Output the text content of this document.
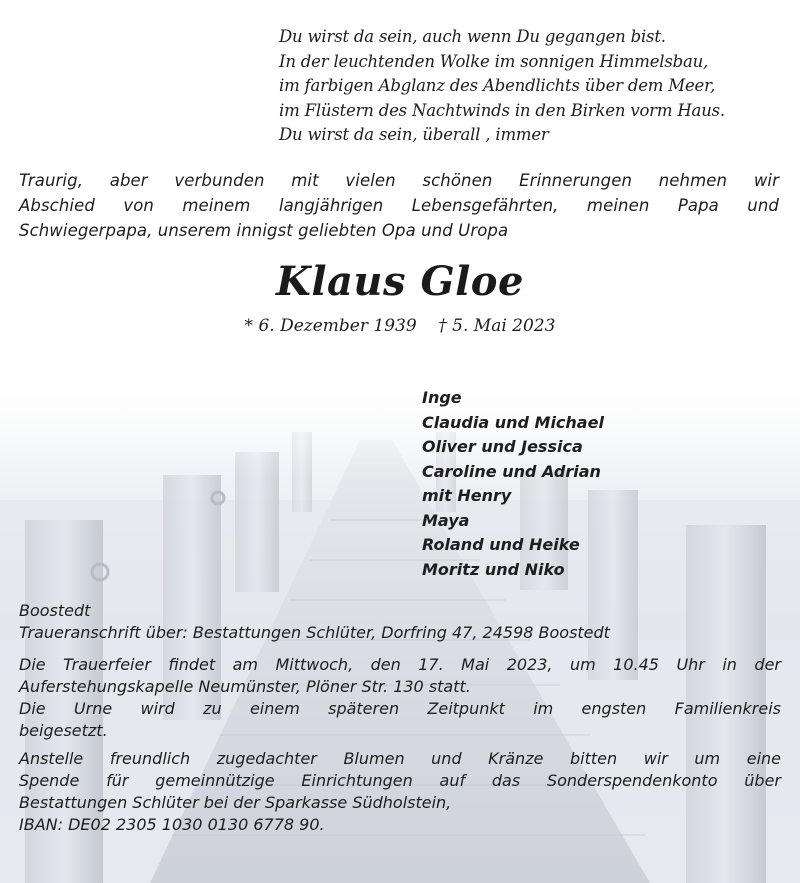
Du wirst da sein, auch wenn Du gegangen bist.
In der leuchtenden Wolke im sonnigen Himmelsbau,
im farbigen Abglanz des Abendlichts über dem Meer,
im Flüstern des Nachtwinds in den Birken vorm Haus.
Du wirst da sein, überall , immer
Traurig, aber verbunden mit vielen schönen Erinnerungen nehmen wir
Abschied von meinem langjährigen Lebensgefährten, meinen Papa und
Schwiegerpapa, unserem innigst geliebten Opa und Uropa
Klaus Gloe
* 6. Dezember 1939    † 5. Mai 2023
Inge
Claudia und Michael
Oliver und Jessica
Caroline und Adrian
mit Henry
Maya
Roland und Heike
Moritz und Niko
Boostedt
Traueranschrift über: Bestattungen Schlüter, Dorfring 47, 24598 Boostedt
Die Trauerfeier findet am Mittwoch, den 17. Mai 2023, um 10.45 Uhr in der
Auferstehungskapelle Neumünster, Plöner Str. 130 statt.
Die Urne wird zu einem späteren Zeitpunkt im engsten Familienkreis
beigesetzt.
Anstelle freundlich zugedachter Blumen und Kränze bitten wir um eine
Spende für gemeinnützige Einrichtungen auf das Sonderspendenkonto über
Bestattungen Schlüter bei der Sparkasse Südholstein,
IBAN: DE02 2305 1030 0130 6778 90.
